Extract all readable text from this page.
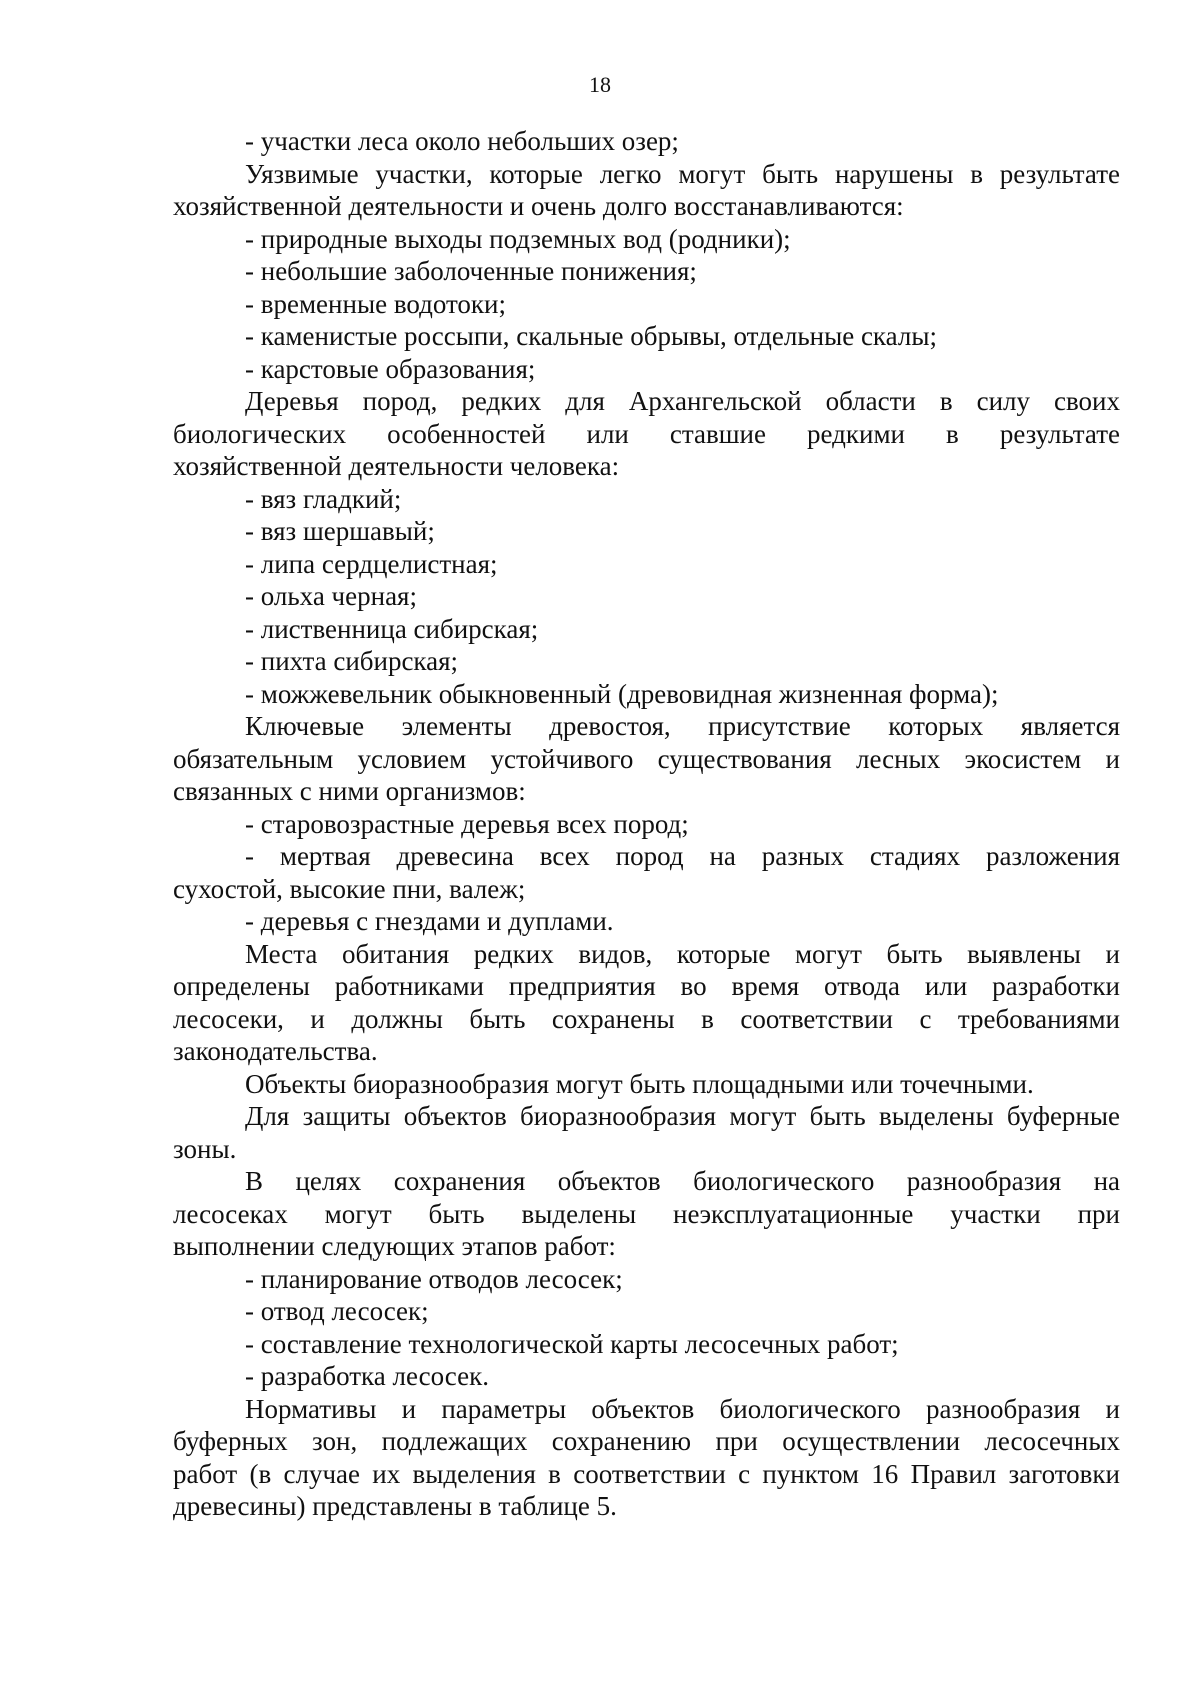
18
- участки леса около небольших озер;
Уязвимые участки, которые легко могут быть нарушены в результате
хозяйственной деятельности и очень долго восстанавливаются:
- природные выходы подземных вод (родники);
- небольшие заболоченные понижения;
- временные водотоки;
- каменистые россыпи, скальные обрывы, отдельные скалы;
- карстовые образования;
Деревья пород, редких для Архангельской области в силу своих
биологических особенностей или ставшие редкими в результате
хозяйственной деятельности человека:
- вяз гладкий;
- вяз шершавый;
- липа сердцелистная;
- ольха черная;
- лиственница сибирская;
- пихта сибирская;
- можжевельник обыкновенный (древовидная жизненная форма);
Ключевые элементы древостоя, присутствие которых является
обязательным условием устойчивого существования лесных экосистем и
связанных с ними организмов:
- старовозрастные деревья всех пород;
- мертвая древесина всех пород на разных стадиях разложения
сухостой, высокие пни, валеж;
- деревья с гнездами и дуплами.
Места обитания редких видов, которые могут быть выявлены и
определены работниками предприятия во время отвода или разработки
лесосеки, и должны быть сохранены в соответствии с требованиями
законодательства.
Объекты биоразнообразия могут быть площадными или точечными.
Для защиты объектов биоразнообразия могут быть выделены буферные
зоны.
В целях сохранения объектов биологического разнообразия на
лесосеках могут быть выделены неэксплуатационные участки при
выполнении следующих этапов работ:
- планирование отводов лесосек;
- отвод лесосек;
- составление технологической карты лесосечных работ;
- разработка лесосек.
Нормативы и параметры объектов биологического разнообразия и
буферных зон, подлежащих сохранению при осуществлении лесосечных
работ (в случае их выделения в соответствии с пунктом 16 Правил заготовки
древесины) представлены в таблице 5.
